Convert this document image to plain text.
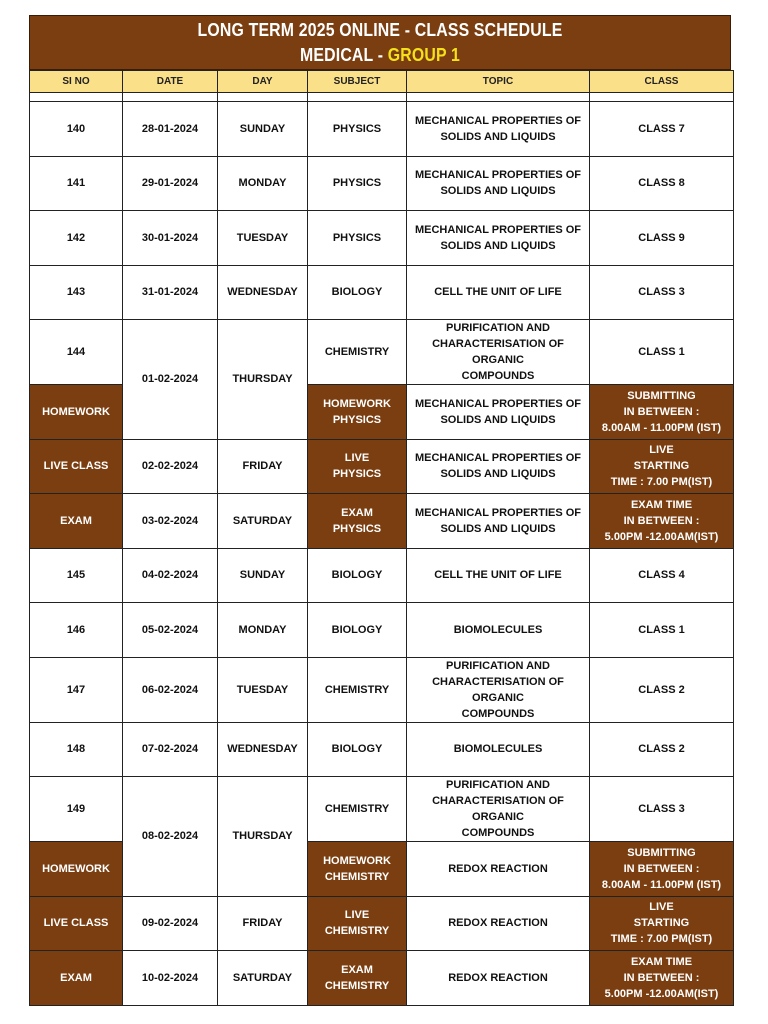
LONG TERM 2025 ONLINE - CLASS SCHEDULE
MEDICAL - GROUP 1
SI NO	DATE	DAY	SUBJECT	TOPIC	CLASS

140	28-01-2024	SUNDAY	PHYSICS	MECHANICAL PROPERTIES OF
SOLIDS AND LIQUIDS	CLASS 7

141	29-01-2024	MONDAY	PHYSICS	MECHANICAL PROPERTIES OF
SOLIDS AND LIQUIDS	CLASS 8

142	30-01-2024	TUESDAY	PHYSICS	MECHANICAL PROPERTIES OF
SOLIDS AND LIQUIDS	CLASS 9

143	31-01-2024	WEDNESDAY	BIOLOGY	CELL THE UNIT OF LIFE	CLASS 3

144	01-02-2024	THURSDAY	CHEMISTRY	PURIFICATION AND
CHARACTERISATION OF ORGANIC
COMPOUNDS	CLASS 1

HOMEWORK			HOMEWORK
PHYSICS	MECHANICAL PROPERTIES OF
SOLIDS AND LIQUIDS	SUBMITTING
IN BETWEEN :
8.00AM - 11.00PM (IST)

LIVE CLASS	02-02-2024	FRIDAY	LIVE
PHYSICS	MECHANICAL PROPERTIES OF
SOLIDS AND LIQUIDS	LIVE
STARTING
TIME : 7.00 PM(IST)

EXAM	03-02-2024	SATURDAY	EXAM
PHYSICS	MECHANICAL PROPERTIES OF
SOLIDS AND LIQUIDS	EXAM TIME
IN BETWEEN :
5.00PM -12.00AM(IST)

145	04-02-2024	SUNDAY	BIOLOGY	CELL THE UNIT OF LIFE	CLASS 4

146	05-02-2024	MONDAY	BIOLOGY	BIOMOLECULES	CLASS 1

147	06-02-2024	TUESDAY	CHEMISTRY	PURIFICATION AND
CHARACTERISATION OF ORGANIC
COMPOUNDS	CLASS 2

148	07-02-2024	WEDNESDAY	BIOLOGY	BIOMOLECULES	CLASS 2

149	08-02-2024	THURSDAY	CHEMISTRY	PURIFICATION AND
CHARACTERISATION OF ORGANIC
COMPOUNDS	CLASS 3

HOMEWORK			HOMEWORK
CHEMISTRY	REDOX REACTION	SUBMITTING
IN BETWEEN :
8.00AM - 11.00PM (IST)

LIVE CLASS	09-02-2024	FRIDAY	LIVE
CHEMISTRY	REDOX REACTION	LIVE
STARTING
TIME : 7.00 PM(IST)

EXAM	10-02-2024	SATURDAY	EXAM
CHEMISTRY	REDOX REACTION	EXAM TIME
IN BETWEEN :
5.00PM -12.00AM(IST)
